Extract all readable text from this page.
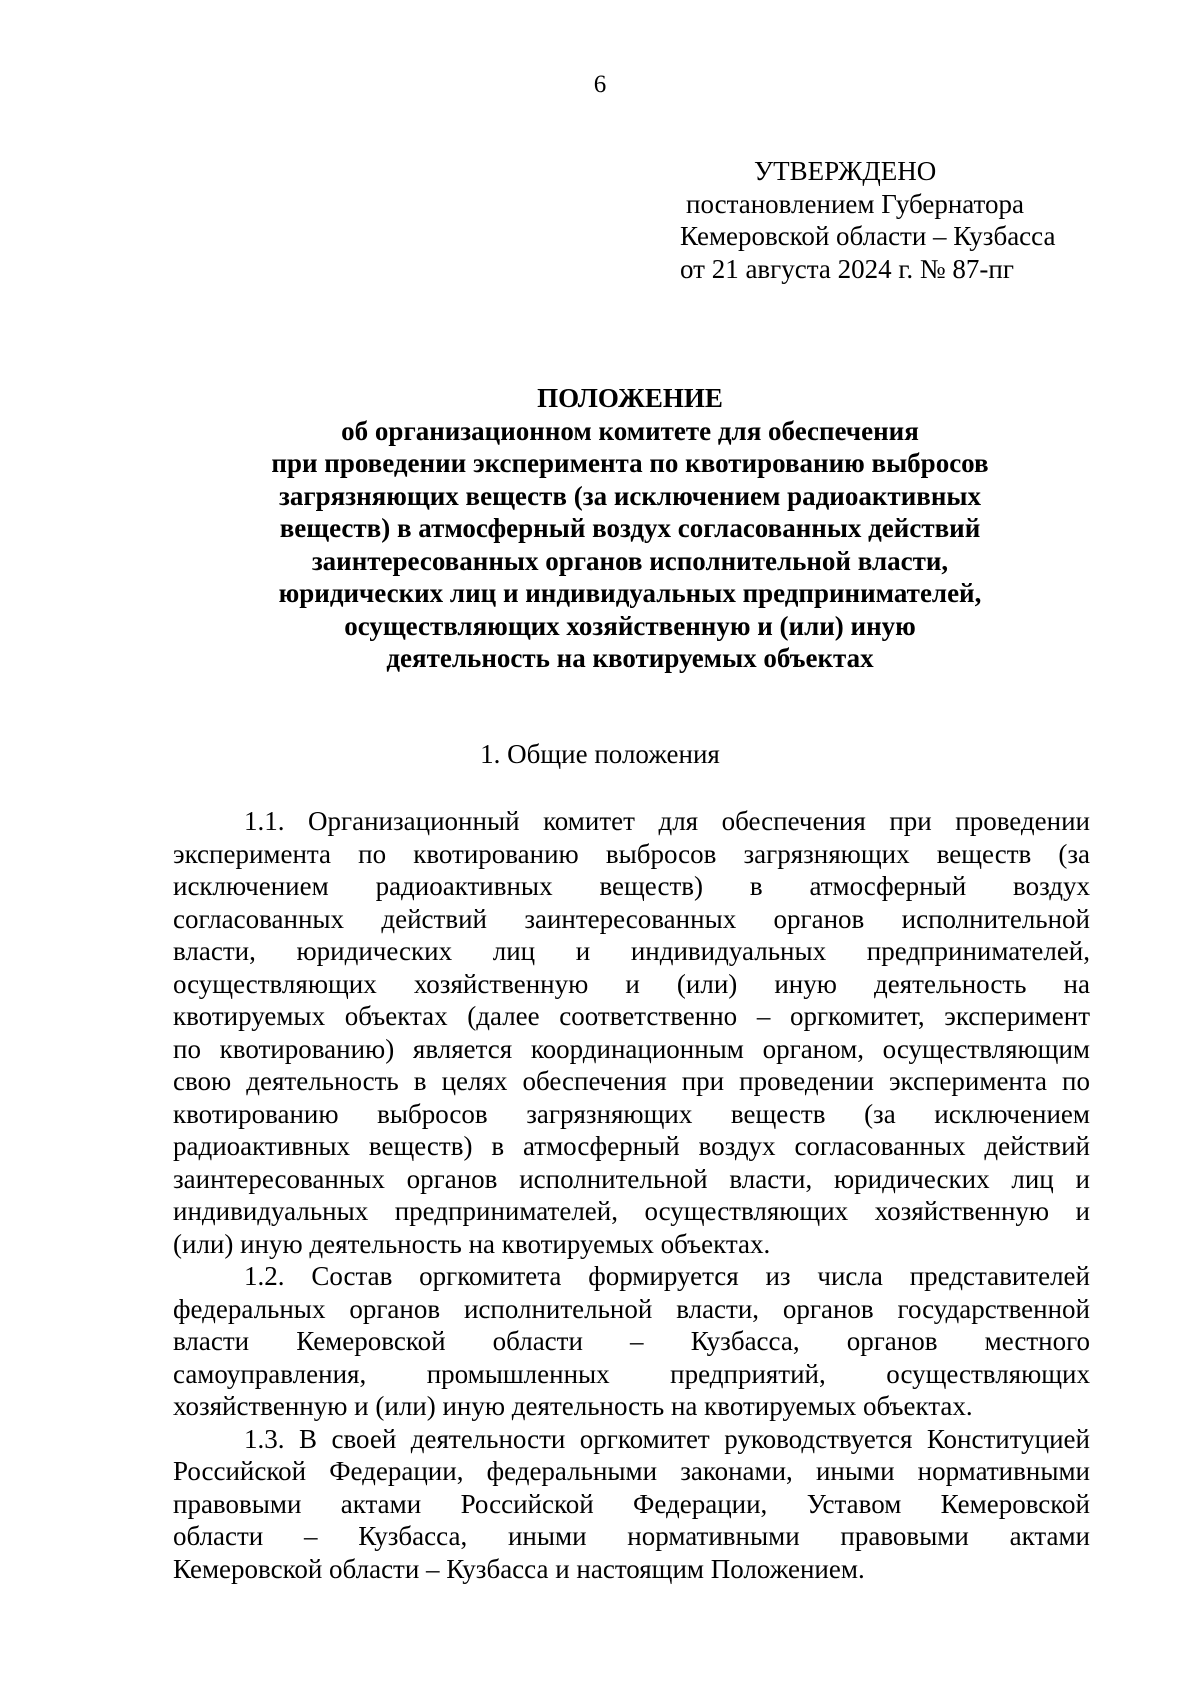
6
УТВЕРЖДЕНО
постановлением Губернатора
Кемеровской области – Кузбасса
от 21 августа 2024 г. № 87-пг
ПОЛОЖЕНИЕ
об организационном комитете для обеспечения
при проведении эксперимента по квотированию выбросов
загрязняющих веществ (за исключением радиоактивных
веществ) в атмосферный воздух согласованных действий
заинтересованных органов исполнительной власти,
юридических лиц и индивидуальных предпринимателей,
осуществляющих хозяйственную и (или) иную
деятельность на квотируемых объектах
1. Общие положения
1.1. Организационный комитет для обеспечения при проведении
эксперимента по квотированию выбросов загрязняющих веществ (за
исключением радиоактивных веществ) в атмосферный воздух
согласованных действий заинтересованных органов исполнительной
власти, юридических лиц и индивидуальных предпринимателей,
осуществляющих хозяйственную и (или) иную деятельность на
квотируемых объектах (далее соответственно – оргкомитет, эксперимент
по квотированию) является координационным органом, осуществляющим
свою деятельность в целях обеспечения при проведении эксперимента по
квотированию выбросов загрязняющих веществ (за исключением
радиоактивных веществ) в атмосферный воздух согласованных действий
заинтересованных органов исполнительной власти, юридических лиц и
индивидуальных предпринимателей, осуществляющих хозяйственную и
(или) иную деятельность на квотируемых объектах.
1.2. Состав оргкомитета формируется из числа представителей
федеральных органов исполнительной власти, органов государственной
власти Кемеровской области – Кузбасса, органов местного
самоуправления, промышленных предприятий, осуществляющих
хозяйственную и (или) иную деятельность на квотируемых объектах.
1.3. В своей деятельности оргкомитет руководствуется Конституцией
Российской Федерации, федеральными законами, иными нормативными
правовыми актами Российской Федерации, Уставом Кемеровской
области – Кузбасса, иными нормативными правовыми актами
Кемеровской области – Кузбасса и настоящим Положением.
